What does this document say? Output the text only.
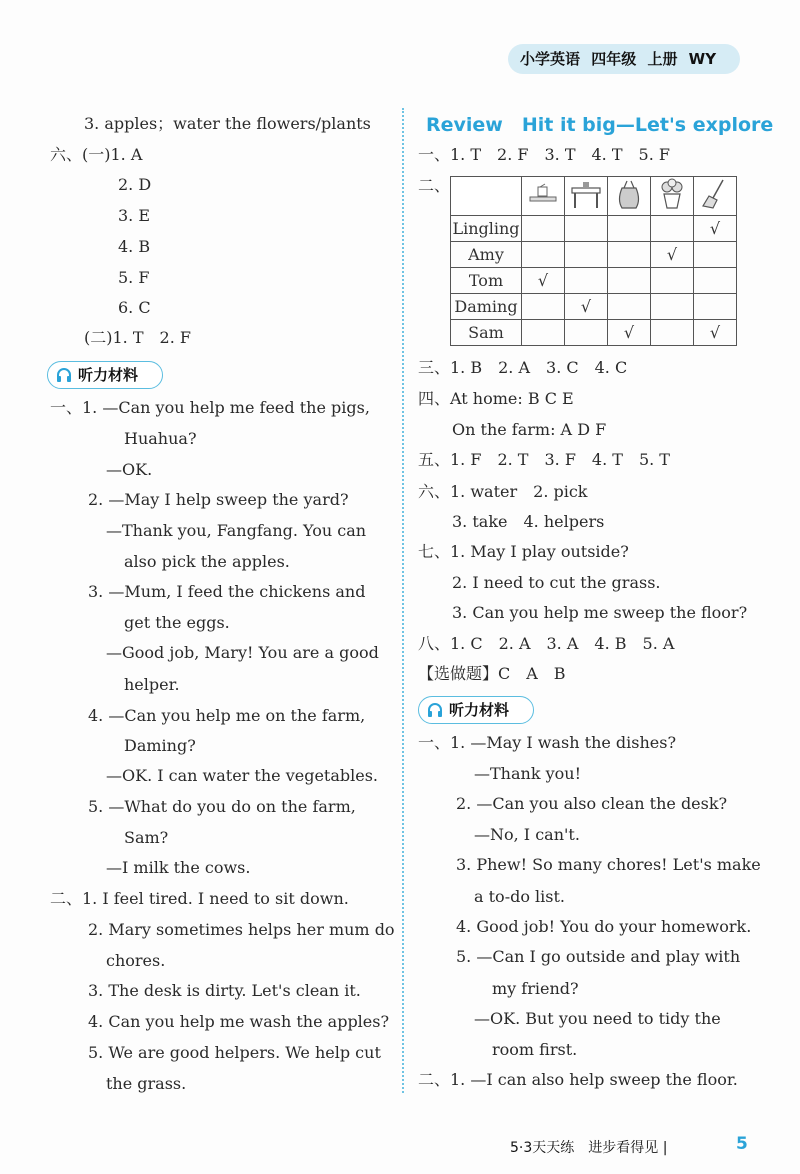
小学英语 四年级 上册 WY
3. apples；water the flowers/plants
六、(一)1. A
2. D
3. E
4. B
5. F
6. C
(二)1. T　2. F
听力材料
一、1. —Can you help me feed the pigs,
Huahua?
—OK.
2. —May I help sweep the yard?
—Thank you, Fangfang. You can
also pick the apples.
3. —Mum, I feed the chickens and
get the eggs.
—Good job, Mary! You are a good
helper.
4. —Can you help me on the farm,
Daming?
—OK. I can water the vegetables.
5. —What do you do on the farm,
Sam?
—I milk the cows.
二、1. I feel tired. I need to sit down.
2. Mary sometimes helps her mum do
chores.
3. The desk is dirty. Let's clean it.
4. Can you help me wash the apples?
5. We are good helpers. We help cut
the grass.
Review　Hit it big—Let's explore
一、1. T　2. F　3. T　4. T　5. F
二、

Lingling					√
Amy				√	
Tom	√				
Daming		√			
Sam			√		√
三、1. B　2. A　3. C　4. C
四、At home: B C E
On the farm: A D F
五、1. F　2. T　3. F　4. T　5. T
六、1. water　2. pick
3. take　4. helpers
七、1. May I play outside?
2. I need to cut the grass.
3. Can you help me sweep the floor?
八、1. C　2. A　3. A　4. B　5. A
【选做题】C　A　B
听力材料
一、1. —May I wash the dishes?
—Thank you!
2. —Can you also clean the desk?
—No, I can't.
3. Phew! So many chores! Let's make
a to-do list.
4. Good job! You do your homework.
5. —Can I go outside and play with
my friend?
—OK. But you need to tidy the
room first.
二、1. —I can also help sweep the floor.
5·3天天练　进步看得见 |	5
